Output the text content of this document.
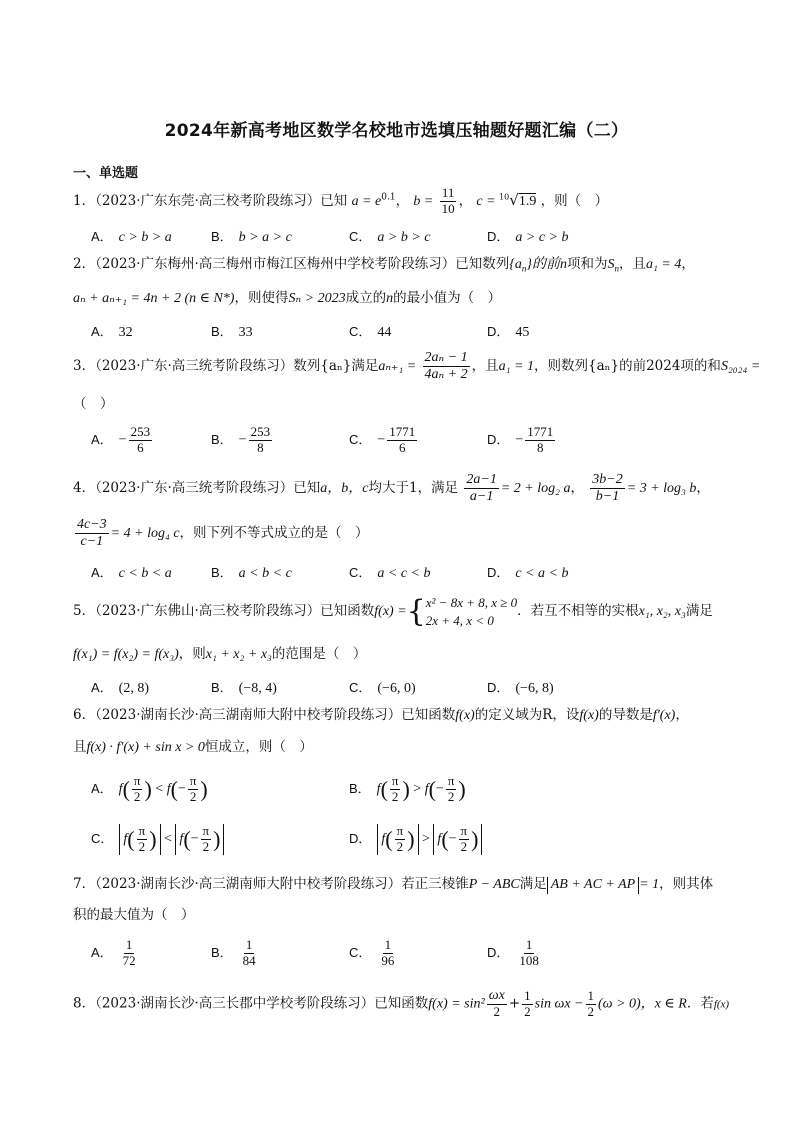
2024年新高考地区数学名校地市选填压轴题好题汇编（二）
一、单选题
1．（2023·广东东莞·高三校考阶段练习）已知 $a = e^{0.1}$， $b = \frac{11}{10}$ ， c = $^{10}$√1.9 ，则（　）
A． c > b > a	B． b > a > c	C． a > b > c	D． a > c > b
2．（2023·广东梅州·高三梅州市梅江区梅州中学校考阶段练习）已知数列$\{a_n\}$的前n项和为$S_n$，且a₁ = 4，
aₙ + aₙ₊₁ = 4n + 2 (n ∈ N*)，则使得Sₙ > 2023成立的n的最小值为（　）
A． 32	B． 33	C． 44	D． 45
3．（2023·广东·高三统考阶段练习）数列{aₙ}满足$a_{n+1} = \frac{\text{2aₙ − 1}}{\text{4aₙ + 2}}$ ，且a₁ = 1，则数列{aₙ}的前2024项的和S₂₀₂₄ =
（　）
A． − $\frac{253}{6}$	B． − $\frac{253}{8}$	C． − $\frac{1771}{6}$	D． − $\frac{1771}{8}$
4．（2023·广东·高三统考阶段练习）已知a，b，c均大于1，满足 $\frac{2a-1}{a-1} = 2 + \log_2$ a， $\frac{3b-2}{b-1} = 3 + \log_3$ b，
$\frac{4c-3}{c-1} = 4 + \log_4$ c，则下列不等式成立的是（　）
A． c < b < a	B． a < b < c	C． a < c < b	D． c < a < b
5．（2023·广东佛山·高三校考阶段练习）已知函数f(x) ={ x² − 8x + 8, x ≥ 0
2x + 4, x < 0
．若互不相等的实根x₁, x₂, x₃满足
f(x₁) = f(x₂) = f(x₃)，则x₁ + x₂ + x₃的范围是（　）
A． (2, 8)	B． (−8, 4)	C． (−6, 0)	D． (−6, 8)
6．（2023·湖南长沙·高三湖南师大附中校考阶段练习）已知函数f(x)的定义域为R，设f(x)的导数是f′(x)，
且f(x) · f′(x) + sin x > 0恒成立，则（　）
A． $f( \frac{\pi}{2}$ ) < $f(- \frac{\pi}{2}$ )	B． $f( \frac{\pi}{2}$ ) > $f(- \frac{\pi}{2}$ )
C． $f( \frac{\pi}{2}$ ) < $f(- \frac{\pi}{2}$ )	D． $f( \frac{\pi}{2}$ ) > $f(- \frac{\pi}{2}$ )
7．（2023·湖南长沙·高三湖南师大附中校考阶段练习）若正三棱锥P − ABC满足 AB + AC + AP = 1，则其体
积的最大值为（　）
A． $\frac{1}{72}$	B． $\frac{1}{84}$	C． $\frac{1}{96}$	D． $\frac{1}{108}$
8．（2023·湖南长沙·高三长郡中学校考阶段练习）已知函数$f(x) = \sin^2 \frac{\omega x}{2} + \frac{1}{2}$ $\sin \omega x - \frac{1}{2} (\omega > 0)$，x ∈ R．若f(x)
